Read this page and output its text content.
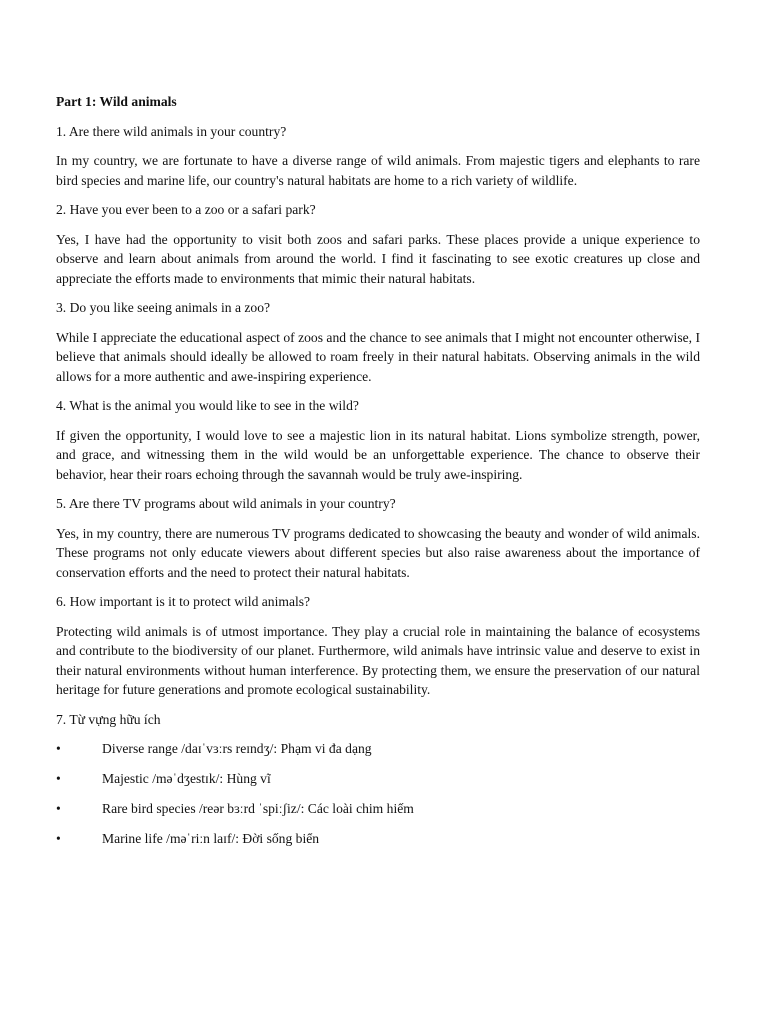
Part 1: Wild animals

1. Are there wild animals in your country?

In my country, we are fortunate to have a diverse range of wild animals. From majestic tigers and elephants to rare bird species and marine life, our country's natural habitats are home to a rich variety of wildlife.

2. Have you ever been to a zoo or a safari park?

Yes, I have had the opportunity to visit both zoos and safari parks. These places provide a unique experience to observe and learn about animals from around the world. I find it fascinating to see exotic creatures up close and appreciate the efforts made to environments that mimic their natural habitats.

3. Do you like seeing animals in a zoo?

While I appreciate the educational aspect of zoos and the chance to see animals that I might not encounter otherwise, I believe that animals should ideally be allowed to roam freely in their natural habitats. Observing animals in the wild allows for a more authentic and awe-inspiring experience.

4. What is the animal you would like to see in the wild?

If given the opportunity, I would love to see a majestic lion in its natural habitat. Lions symbolize strength, power, and grace, and witnessing them in the wild would be an unforgettable experience. The chance to observe their behavior, hear their roars echoing through the savannah would be truly awe-inspiring.

5. Are there TV programs about wild animals in your country?

Yes, in my country, there are numerous TV programs dedicated to showcasing the beauty and wonder of wild animals. These programs not only educate viewers about different species but also raise awareness about the importance of conservation efforts and the need to protect their natural habitats.

6. How important is it to protect wild animals?

Protecting wild animals is of utmost importance. They play a crucial role in maintaining the balance of ecosystems and contribute to the biodiversity of our planet. Furthermore, wild animals have intrinsic value and deserve to exist in their natural environments without human interference. By protecting them, we ensure the preservation of our natural heritage for future generations and promote ecological sustainability.

7. Từ vựng hữu ích

•	Diverse range /daɪˈvɜːrs reɪndʒ/: Phạm vi đa dạng
•	Majestic /məˈdʒestɪk/: Hùng vĩ
•	Rare bird species /reər bɜːrd ˈspiːʃiz/: Các loài chim hiếm
•	Marine life /məˈriːn laɪf/: Đời sống biển
